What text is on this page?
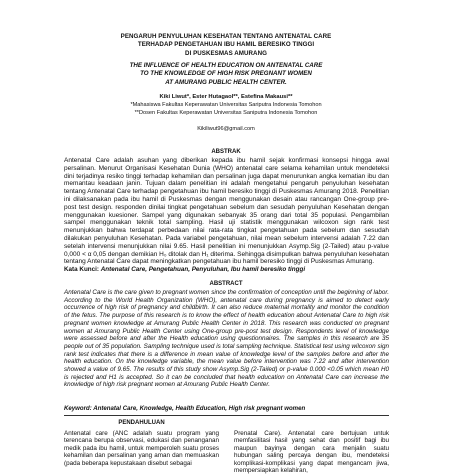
PENGARUH PENYULUHAN KESEHATAN TENTANG ANTENATAL CARE
TERHADAP PENGETAHUAN IBU HAMIL BERESIKO TINGGI
DI PUSKESMAS AMURANG
THE INFLUENCE OF HEALTH EDUCATION ON ANTENATAL CARE
TO THE KNOWLEDGE OF HIGH RISK PREGNANT WOMEN
AT AMURANG PUBLIC HEALTH CENTER.
Kiki Liwut*, Ester Hutagaol**, Estefina Makausi**
*Mahasiswa Fakultas Keperawatan Universitas Sariputra Indonesia Tomohon
**Dosen Fakultas Keperawatan Universitas Saniputra Indonesia Tomohon
Kikiliwut96@gmail.com
ABSTRAK
Antenatal Care adalah asuhan yang diberikan kepada ibu hamil sejak konfirmasi konsepsi hingga awal persalinan. Menurut Organisasi Kesehatan Dunia (WHO) antenatal care selama kehamilan untuk mendeteksi dini terjadinya resiko tinggi terhadap kehamilan dan persalinan juga dapat menurunkan angka kematian ibu dan memantau keadaan janin. Tujuan dalam penelitian ini adalah mengetahui pengaruh penyuluhan kesehatan tentang Antenatal Care terhadap pengetahuan ibu hamil beresiko tinggi di Puskesmas Amurang 2018. Penelitian ini dilaksanakan pada ibu hamil di Puskesmas dengan menggunakan desain atau rancangan One-group pre-post test design. responden dinilai tingkat pengetahuan sebelum dan sesudah penyuluhan Kesehatan dengan menggunakan kuesioner. Sampel yang digunakan sebanyak 35 orang dari total 35 populasi. Pengambilan sampel menggunakan teknik total sampling. Hasil uji statistik menggunakan wilcoxon sign rank test menunjukkan bahwa terdapat perbedaan nilai rata-rata tingkat pengetahuan pada sebelum dan sesudah dilakukan penyuluhan Kesehatan. Pada variabel pengetahuan, nilai mean sebelum intervensi adalah 7.22 dan setelah intervensi menunjukkan nilai 9.65. Hasil penelitian ini menunjukkan Asymp.Sig (2-Tailed) atau p-value 0,000 < α 0,05 dengan demikian H₀ ditolak dan H₁ diterima. Sehingga disimpulkan bahwa penyuluhan kesehatan tentang Antenatal Care dapat meningkatkan pengetahuan ibu hamil beresiko tinggi di Puskesmas Amurang.
Kata Kunci: Antenatal Care, Pengetahuan, Penyuluhan, Ibu hamil beresiko tinggi
ABSTRACT
Antenatal Care is the care given to pregnant women since the confirmation of conception until the beginning of labor. According to the World Health Organization (WHO), antenatal care during pregnancy is aimed to detect early occurrence of high risk of pregnancy and childbirth. It can also reduce maternal mortality and monitor the condition of the fetus. The purpose of this research is to know the effect of health education about Antenatal Care to high risk pregnant women knowledge at Amurang Public Health Center in 2018. This research was conducted on pregnant women at Amurang Public Health Center using One-group pre-post test design. Respondents level of knowledge were assessed before and after the Health education using questionnaires. The samples in this research are 35 people out of 35 population. Sampling technique used is total sampling technique. Statistical test using wilcoxon sign rank test indicates that there is a difference in mean value of knowledge level of the samples before and after the health education. On the knowledge variable, the mean value before intervention was 7.22 and after intervention showed a value of 9.65. The results of this study show Asymp.Sig (2-Tailed) or p-value 0.000 <0.05 which mean H0 is rejected and H1 is accepted. So it can be concluded that health education on Antenatal Care can increase the knowledge of high risk pregnant women at Amurang Public Health Center.
Keyword: Antenatal Care, Knowledge, Health Education, High risk pregnant women
PENDAHULUAN
Antenatal care (ANC adalah suatu program yang terencana berupa observasi, edukasi dan penanganan medik pada ibu hamil, untuk memperoleh suatu proses kehamilan dan persalinan yang aman dan memuaskan (pada beberapa kepustakaan disebut sebagai
Prenatal Care). Antenatal care bertujuan untuk memfasilitasi hasil yang sehat dan positif bagi ibu maupun bayinya dengan cara menjalin suatu hubungan saling percaya dengan ibu, mendeteksi komplikasi-komplikasi yang dapat mengancam jiwa, mempersiapkan kelahiran,
